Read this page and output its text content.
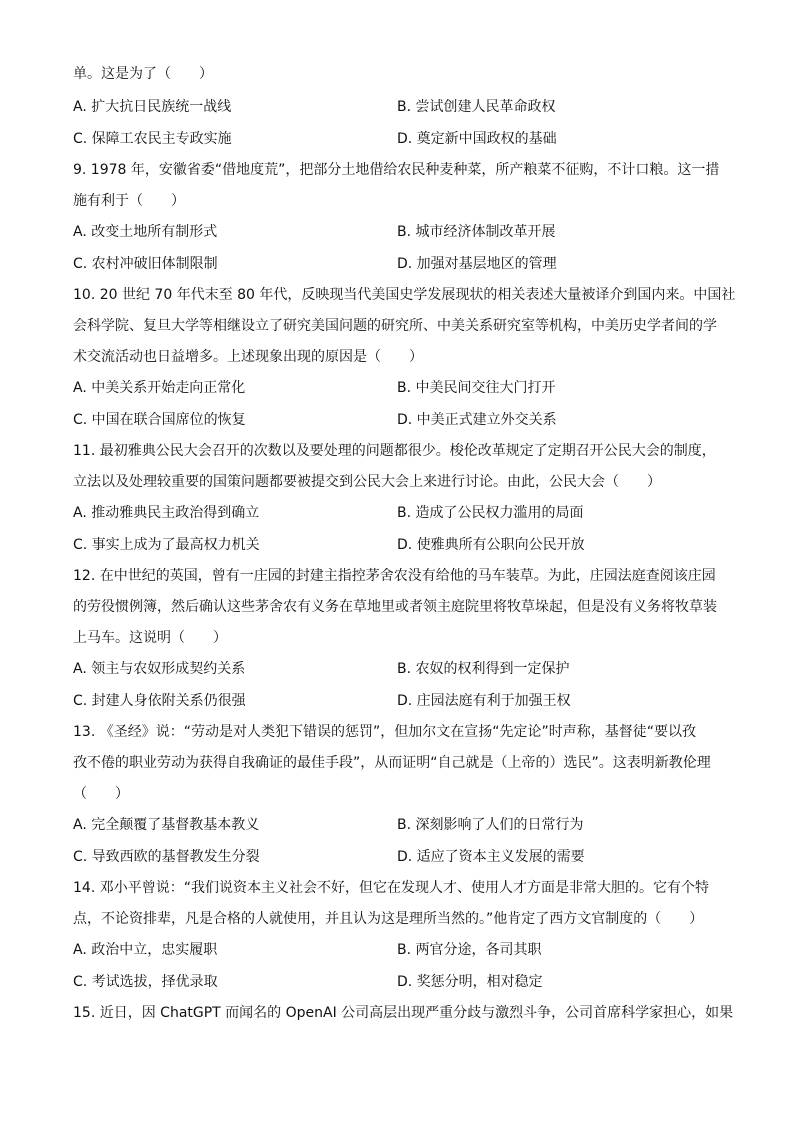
单。这是为了（　　）
A. 扩大抗日民族统一战线	B. 尝试创建人民革命政权
C. 保障工农民主专政实施	D. 奠定新中国政权的基础
9. 1978 年，安徽省委“借地度荒”，把部分土地借给农民种麦种菜，所产粮菜不征购，不计口粮。这一措
施有利于（　　）
A. 改变土地所有制形式	B. 城市经济体制改革开展
C. 农村冲破旧体制限制	D. 加强对基层地区的管理
10. 20 世纪 70 年代末至 80 年代，反映现当代美国史学发展现状的相关表述大量被译介到国内来。中国社
会科学院、复旦大学等相继设立了研究美国问题的研究所、中美关系研究室等机构，中美历史学者间的学
术交流活动也日益增多。上述现象出现的原因是（　　）
A. 中美关系开始走向正常化	B. 中美民间交往大门打开
C. 中国在联合国席位的恢复	D. 中美正式建立外交关系
11. 最初雅典公民大会召开的次数以及要处理的问题都很少。梭伦改革规定了定期召开公民大会的制度，
立法以及处理较重要的国策问题都要被提交到公民大会上来进行讨论。由此，公民大会（　　）
A. 推动雅典民主政治得到确立	B. 造成了公民权力滥用的局面
C. 事实上成为了最高权力机关	D. 使雅典所有公职向公民开放
12. 在中世纪的英国，曾有一庄园的封建主指控茅舍农没有给他的马车装草。为此，庄园法庭查阅该庄园
的劳役惯例簿，然后确认这些茅舍农有义务在草地里或者领主庭院里将牧草垛起，但是没有义务将牧草装
上马车。这说明（　　）
A. 领主与农奴形成契约关系	B. 农奴的权利得到一定保护
C. 封建人身依附关系仍很强	D. 庄园法庭有利于加强王权
13. 《圣经》说：“劳动是对人类犯下错误的惩罚”，但加尔文在宣扬“先定论”时声称，基督徒“要以孜
孜不倦的职业劳动为获得自我确证的最佳手段”，从而证明“自己就是（上帝的）选民”。这表明新教伦理
（　　）
A. 完全颠覆了基督教基本教义	B. 深刻影响了人们的日常行为
C. 导致西欧的基督教发生分裂	D. 适应了资本主义发展的需要
14. 邓小平曾说：“我们说资本主义社会不好，但它在发现人才、使用人才方面是非常大胆的。它有个特
点，不论资排辈，凡是合格的人就使用，并且认为这是理所当然的。”他肯定了西方文官制度的（　　）
A. 政治中立，忠实履职	B. 两官分途，各司其职
C. 考试选拔，择优录取	D. 奖惩分明，相对稳定
15. 近日，因 ChatGPT 而闻名的 OpenAI 公司高层出现严重分歧与激烈斗争，公司首席科学家担心，如果
